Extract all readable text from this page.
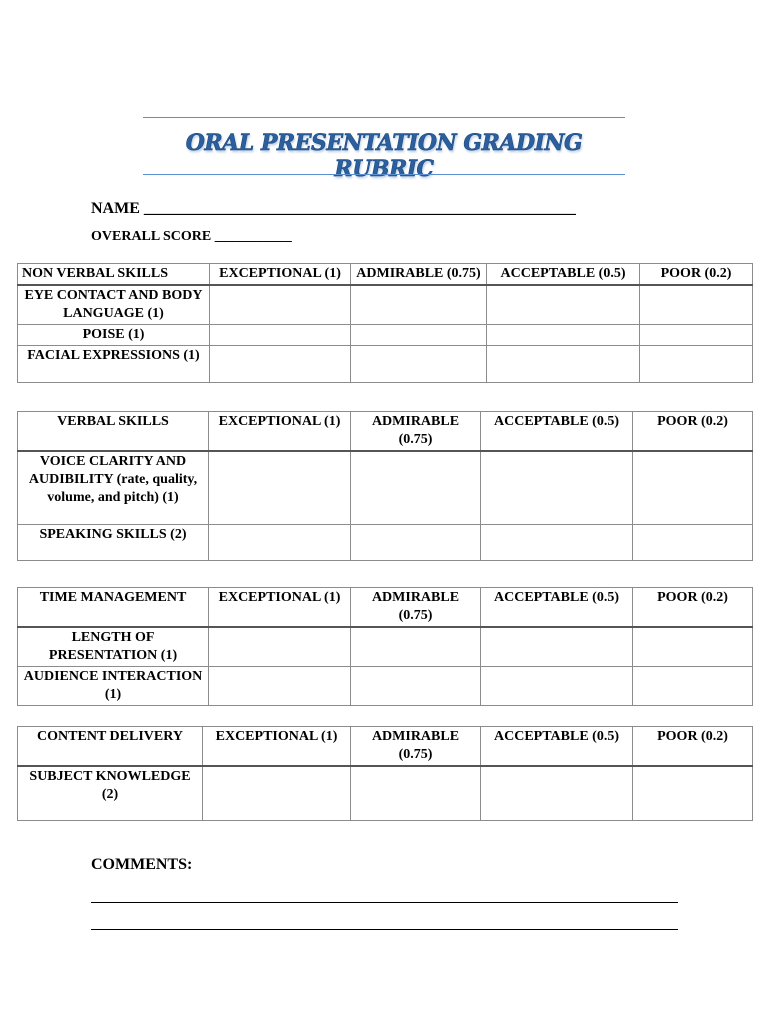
ORAL PRESENTATION GRADING RUBRIC
NAME ______________________________________________________
OVERALL SCORE ___________
NON VERBAL SKILLS	EXCEPTIONAL (1)	ADMIRABLE (0.75)	ACCEPTABLE (0.5)	POOR (0.2)
EYE CONTACT AND BODY LANGUAGE (1)				
POISE (1)				
FACIAL EXPRESSIONS (1)				
VERBAL SKILLS	EXCEPTIONAL (1)	ADMIRABLE (0.75)	ACCEPTABLE (0.5)	POOR (0.2)
VOICE CLARITY AND AUDIBILITY (rate, quality, volume, and pitch) (1)				
SPEAKING SKILLS (2)				
TIME MANAGEMENT	EXCEPTIONAL (1)	ADMIRABLE (0.75)	ACCEPTABLE (0.5)	POOR (0.2)
LENGTH OF PRESENTATION (1)				
AUDIENCE INTERACTION (1)				
CONTENT DELIVERY	EXCEPTIONAL (1)	ADMIRABLE (0.75)	ACCEPTABLE (0.5)	POOR (0.2)
SUBJECT KNOWLEDGE (2)				
COMMENTS:
